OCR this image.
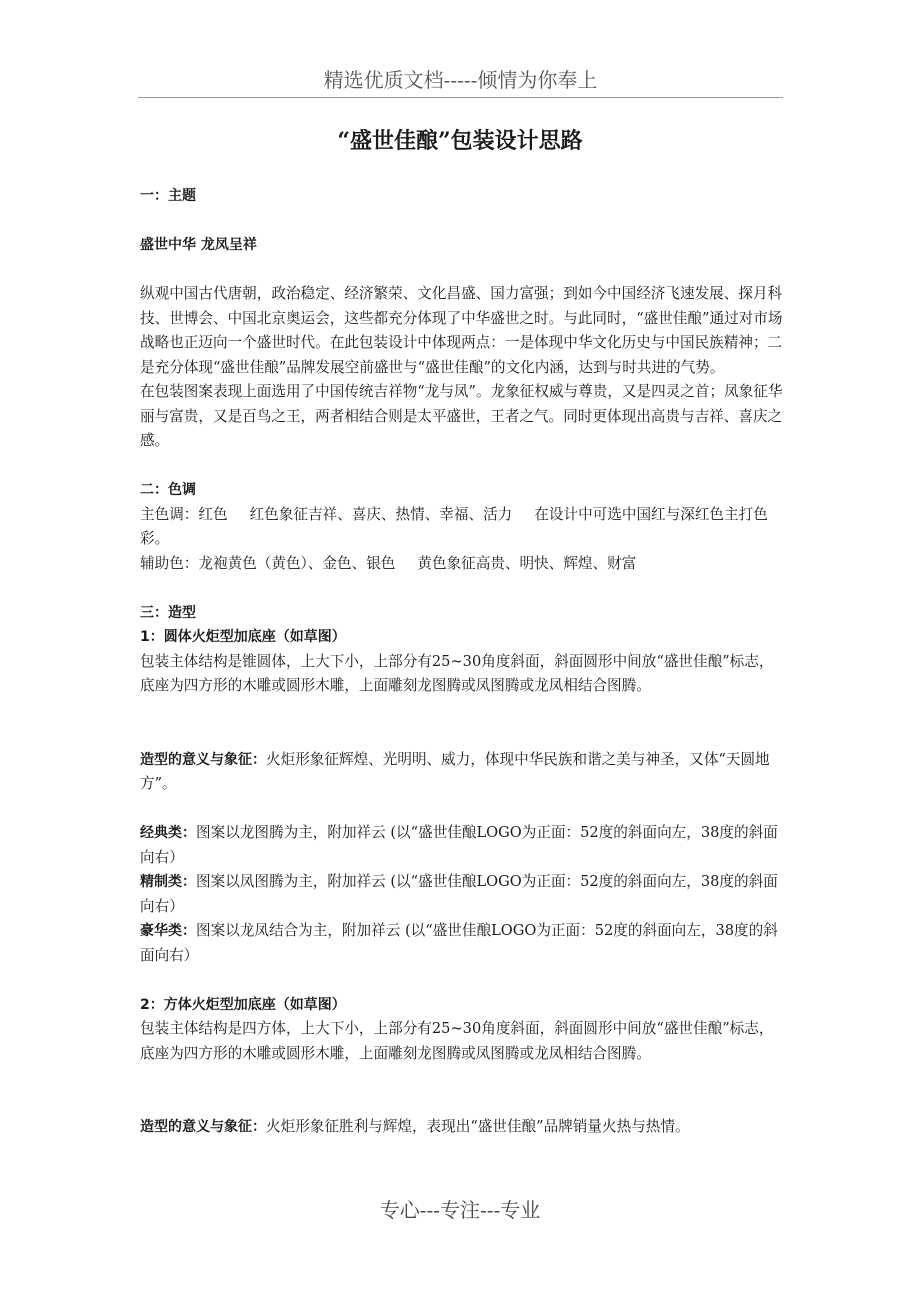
精选优质文档-----倾情为你奉上
“盛世佳酿”包装设计思路

一：主题

盛世中华 龙凤呈祥

纵观中国古代唐朝，政治稳定、经济繁荣、文化昌盛、国力富强；到如今中国经济飞速发展、探月科技、世博会、中国北京奥运会，这些都充分体现了中华盛世之时。与此同时，“盛世佳酿”通过对市场战略也正迈向一个盛世时代。在此包装设计中体现两点：一是体现中华文化历史与中国民族精神；二是充分体现“盛世佳酿”品牌发展空前盛世与“盛世佳酿”的文化内涵，达到与时共进的气势。

在包装图案表现上面选用了中国传统吉祥物“龙与凤”。龙象征权威与尊贵，又是四灵之首；凤象征华丽与富贵，又是百鸟之王，两者相结合则是太平盛世，王者之气。同时更体现出高贵与吉祥、喜庆之感。

二：色调

主色调：红色 红色象征吉祥、喜庆、热情、幸福、活力 在设计中可选中国红与深红色主打色彩。

辅助色：龙袍黄色（黄色）、金色、银色 黄色象征高贵、明快、辉煌、财富

三：造型

1：圆体火炬型加底座（如草图）

包装主体结构是锥圆体，上大下小，上部分有25~30角度斜面，斜面圆形中间放“盛世佳酿”标志，底座为四方形的木雕或圆形木雕，上面雕刻龙图腾或凤图腾或龙凤相结合图腾。

造型的意义与象征：火炬形象征辉煌、光明明、威力，体现中华民族和谐之美与神圣，又体“天圆地方”。

经典类：图案以龙图腾为主，附加祥云 (以“盛世佳酿LOGO为正面：52度的斜面向左，38度的斜面向右）

精制类：图案以凤图腾为主，附加祥云 (以“盛世佳酿LOGO为正面：52度的斜面向左，38度的斜面向右）

豪华类：图案以龙凤结合为主，附加祥云 (以“盛世佳酿LOGO为正面：52度的斜面向左，38度的斜面向右）

2：方体火炬型加底座（如草图）

包装主体结构是四方体，上大下小，上部分有25~30角度斜面，斜面圆形中间放“盛世佳酿”标志，底座为四方形的木雕或圆形木雕，上面雕刻龙图腾或凤图腾或龙凤相结合图腾。

造型的意义与象征：火炬形象征胜利与辉煌，表现出“盛世佳酿”品牌销量火热与热情。

专心---专注---专业
